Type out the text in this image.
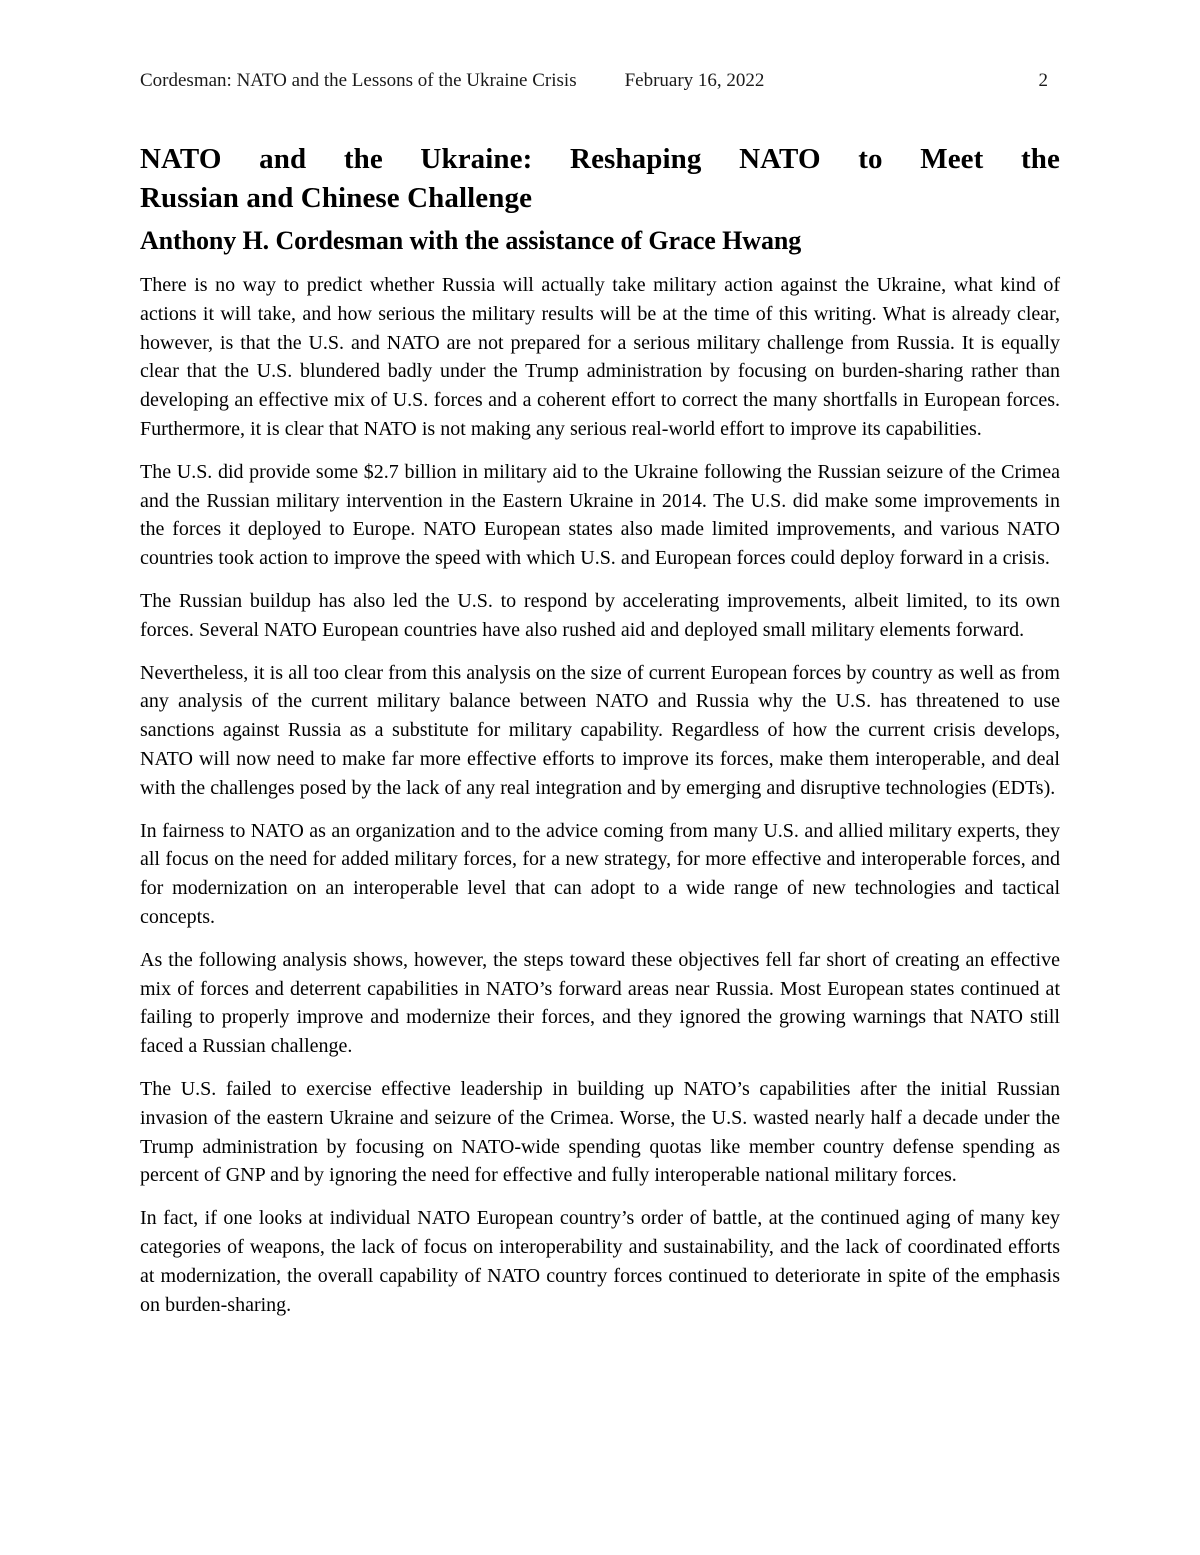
Cordesman: NATO and the Lessons of the Ukraine Crisis	February 16, 2022	2
NATO and the Ukraine: Reshaping NATO to Meet the
Russian and Chinese Challenge
Anthony H. Cordesman with the assistance of Grace Hwang

There is no way to predict whether Russia will actually take military action against the Ukraine, what kind of actions it will take, and how serious the military results will be at the time of this writing. What is already clear, however, is that the U.S. and NATO are not prepared for a serious military challenge from Russia. It is equally clear that the U.S. blundered badly under the Trump administration by focusing on burden-sharing rather than developing an effective mix of U.S. forces and a coherent effort to correct the many shortfalls in European forces. Furthermore, it is clear that NATO is not making any serious real-world effort to improve its capabilities.

The U.S. did provide some $2.7 billion in military aid to the Ukraine following the Russian seizure of the Crimea and the Russian military intervention in the Eastern Ukraine in 2014. The U.S. did make some improvements in the forces it deployed to Europe. NATO European states also made limited improvements, and various NATO countries took action to improve the speed with which U.S. and European forces could deploy forward in a crisis.

The Russian buildup has also led the U.S. to respond by accelerating improvements, albeit limited, to its own forces. Several NATO European countries have also rushed aid and deployed small military elements forward.

Nevertheless, it is all too clear from this analysis on the size of current European forces by country as well as from any analysis of the current military balance between NATO and Russia why the U.S. has threatened to use sanctions against Russia as a substitute for military capability. Regardless of how the current crisis develops, NATO will now need to make far more effective efforts to improve its forces, make them interoperable, and deal with the challenges posed by the lack of any real integration and by emerging and disruptive technologies (EDTs).

In fairness to NATO as an organization and to the advice coming from many U.S. and allied military experts, they all focus on the need for added military forces, for a new strategy, for more effective and interoperable forces, and for modernization on an interoperable level that can adopt to a wide range of new technologies and tactical concepts.

As the following analysis shows, however, the steps toward these objectives fell far short of creating an effective mix of forces and deterrent capabilities in NATO’s forward areas near Russia. Most European states continued at failing to properly improve and modernize their forces, and they ignored the growing warnings that NATO still faced a Russian challenge.

The U.S. failed to exercise effective leadership in building up NATO’s capabilities after the initial Russian invasion of the eastern Ukraine and seizure of the Crimea. Worse, the U.S. wasted nearly half a decade under the Trump administration by focusing on NATO-wide spending quotas like member country defense spending as percent of GNP and by ignoring the need for effective and fully interoperable national military forces.

In fact, if one looks at individual NATO European country’s order of battle, at the continued aging of many key categories of weapons, the lack of focus on interoperability and sustainability, and the lack of coordinated efforts at modernization, the overall capability of NATO country forces continued to deteriorate in spite of the emphasis on burden-sharing.
